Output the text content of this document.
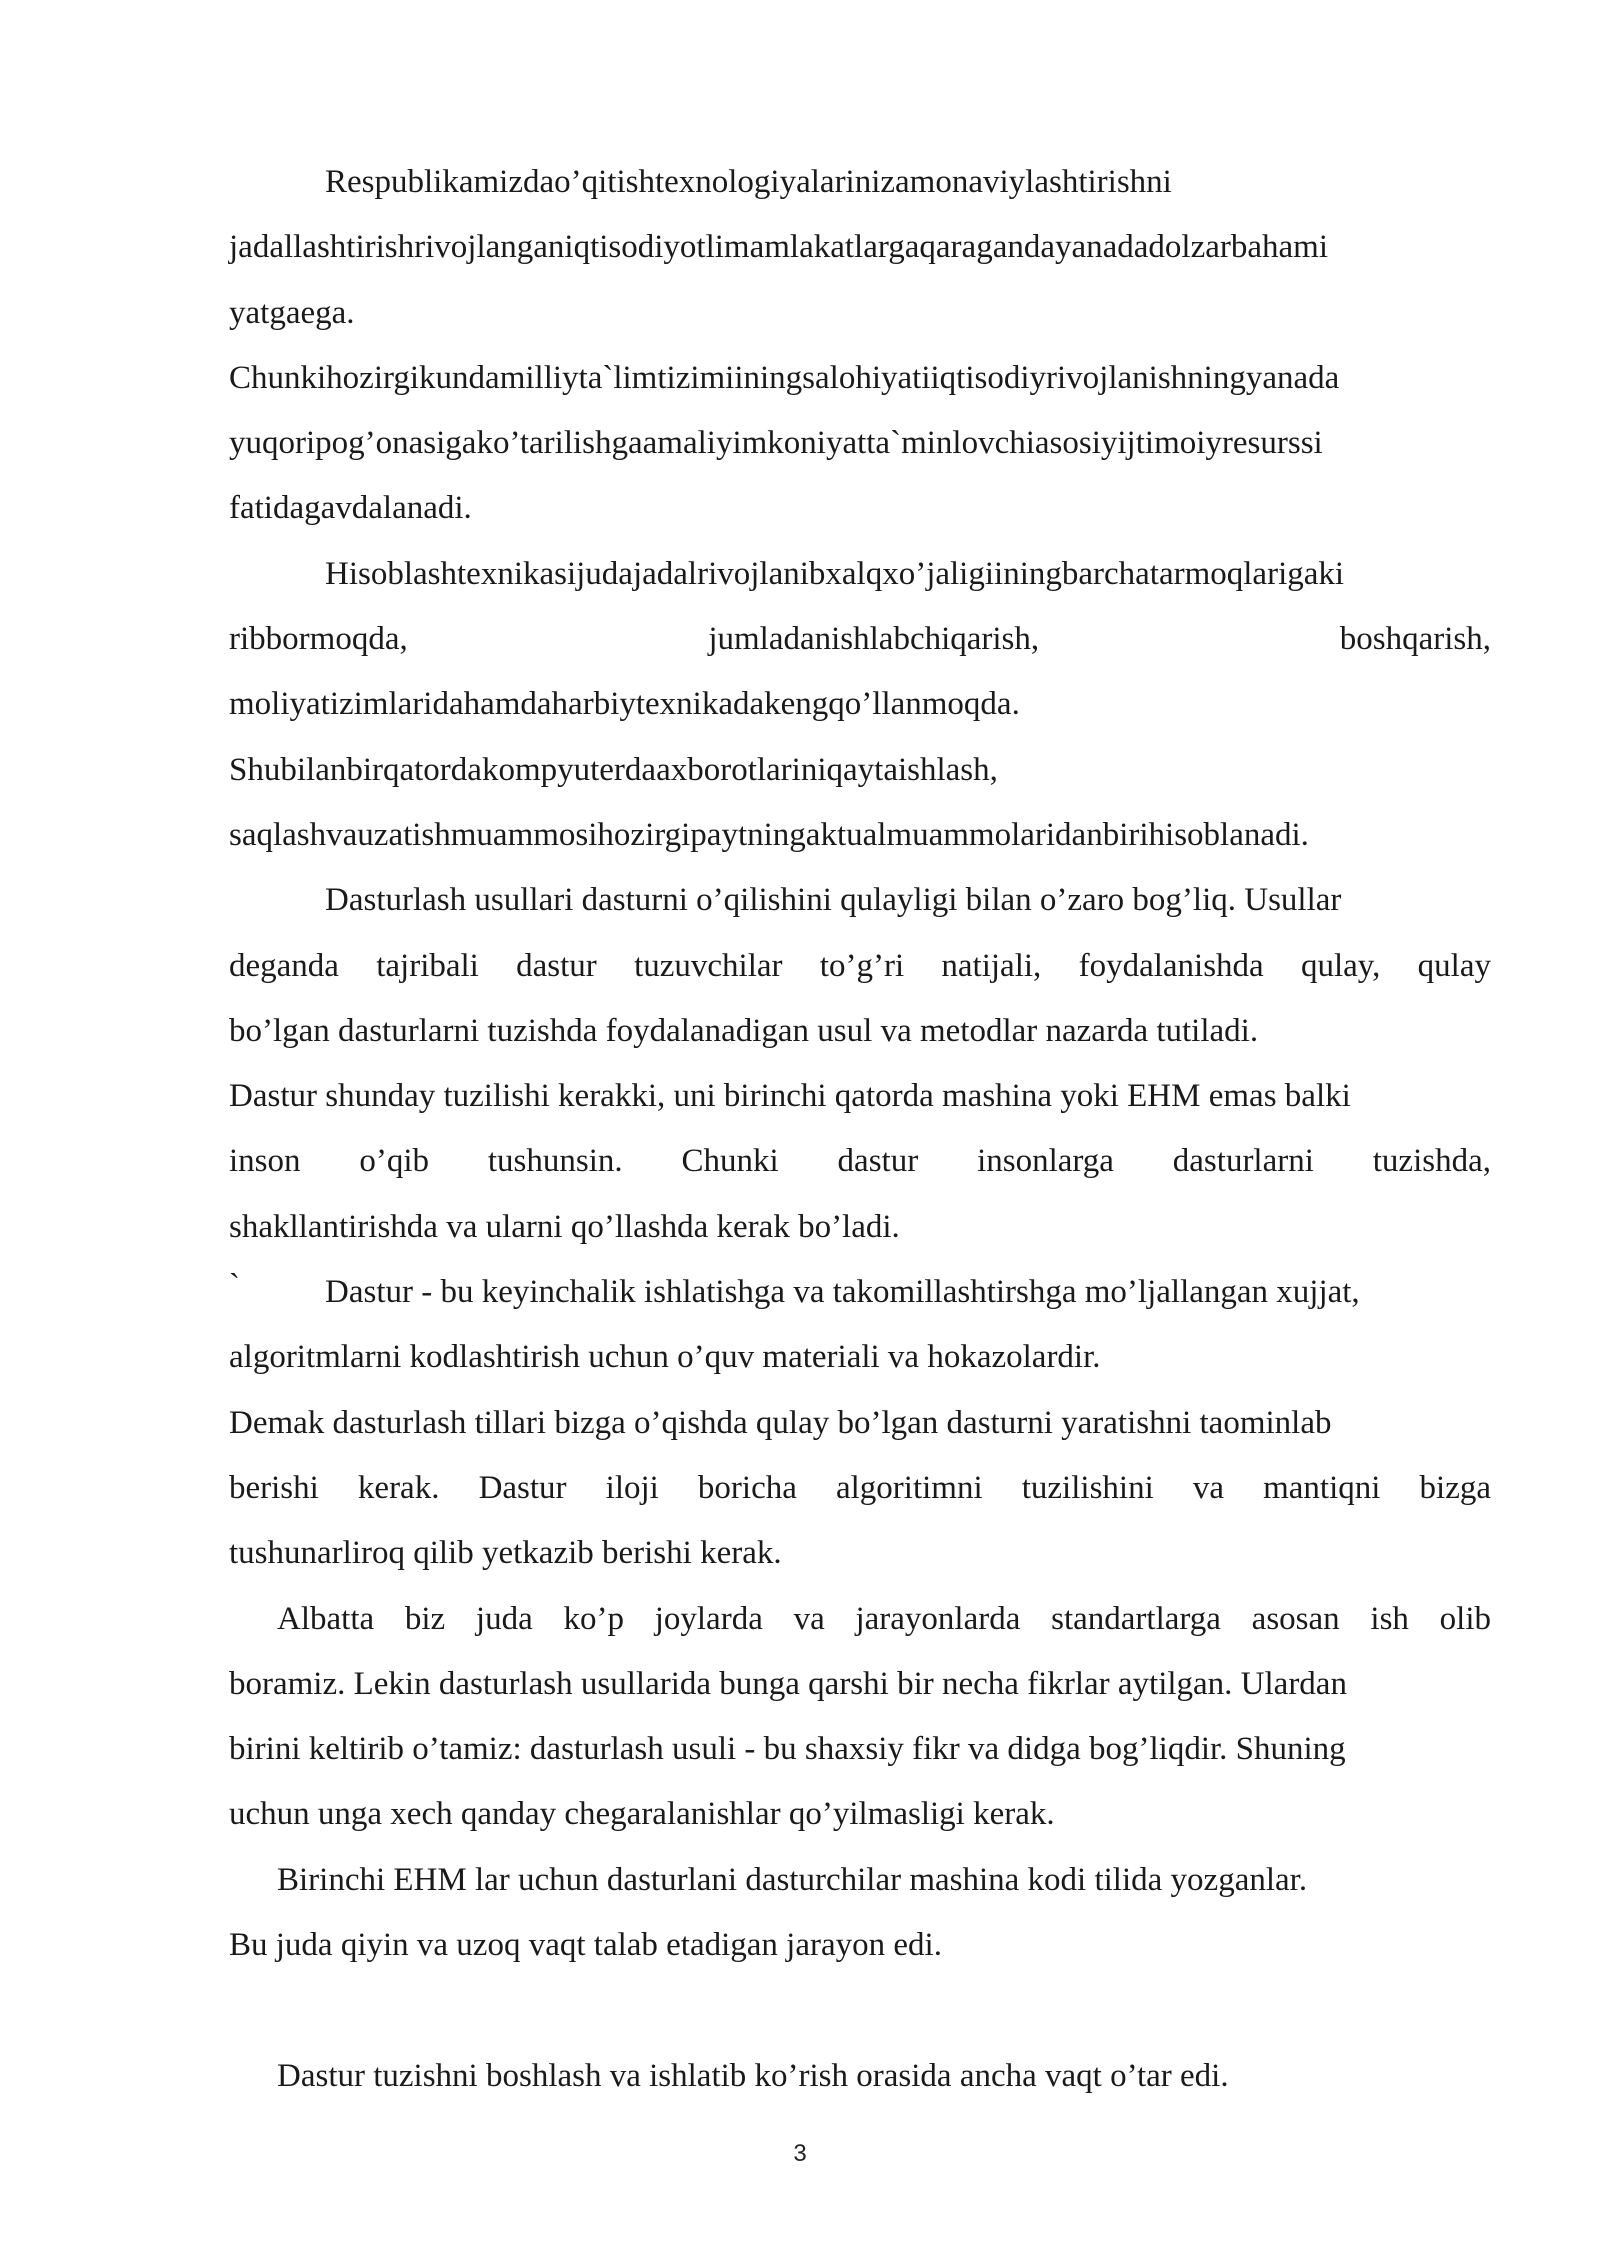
Respublikamizdao’qitishtexnologiyalarinizamonaviylashtirishni
jadallashtirishrivojlanganiqtisodiyotlimamlakatlargaqaragandayanadadolzarbahami
yatgaega.
Chunkihozirgikundamilliyta`limtizimiiningsalohiyatiiqtisodiyrivojlanishningyanada
yuqoripog’onasigako’tarilishgaamaliyimkoniyatta`minlovchiasosiyijtimoiyresurssi
fatidagavdalanadi.
Hisoblashtexnikasijudajadalrivojlanibxalqxo’jaligiiningbarchatarmoqlarigaki
ribbormoqda, jumladanishlabchiqarish, boshqarish,
moliyatizimlaridahamdaharbiytexnikadakengqo’llanmoqda.
Shubilanbirqatordakompyuterdaaxborotlariniqaytaishlash,
saqlashvauzatishmuammosihozirgipaytningaktualmuammolaridanbirihisoblanadi.
Dasturlash usullari dasturni o’qilishini qulayligi bilan o’zaro bog’liq. Usullar
deganda tajribali dastur tuzuvchilar to’g’ri natijali, foydalanishda qulay, qulay
bo’lgan dasturlarni tuzishda foydalanadigan usul va metodlar nazarda tutiladi.
Dastur shunday tuzilishi kerakki, uni birinchi qatorda mashina yoki EHM emas balki
inson o’qib tushunsin. Chunki dastur insonlarga dasturlarni tuzishda,
shakllantirishda va ularni qo’llashda kerak bo’ladi.
`	Dastur - bu keyinchalik ishlatishga va takomillashtirshga mo’ljallangan xujjat,
algoritmlarni kodlashtirish uchun o’quv materiali va hokazolardir.
Demak dasturlash tillari bizga o’qishda qulay bo’lgan dasturni yaratishni taominlab
berishi kerak. Dastur iloji boricha algoritimni tuzilishini va mantiqni bizga
tushunarliroq qilib yetkazib berishi kerak.
Albatta biz juda ko’p joylarda va jarayonlarda standartlarga asosan ish olib
boramiz. Lekin dasturlash usullarida bunga qarshi bir necha fikrlar aytilgan. Ulardan
birini keltirib o’tamiz: dasturlash usuli - bu shaxsiy fikr va didga bog’liqdir. Shuning
uchun unga xech qanday chegaralanishlar qo’yilmasligi kerak.
Birinchi EHM lar uchun dasturlani dasturchilar mashina kodi tilida yozganlar.
Bu juda qiyin va uzoq vaqt talab etadigan jarayon edi.
Dastur tuzishni boshlash va ishlatib ko’rish orasida ancha vaqt o’tar edi.
3
